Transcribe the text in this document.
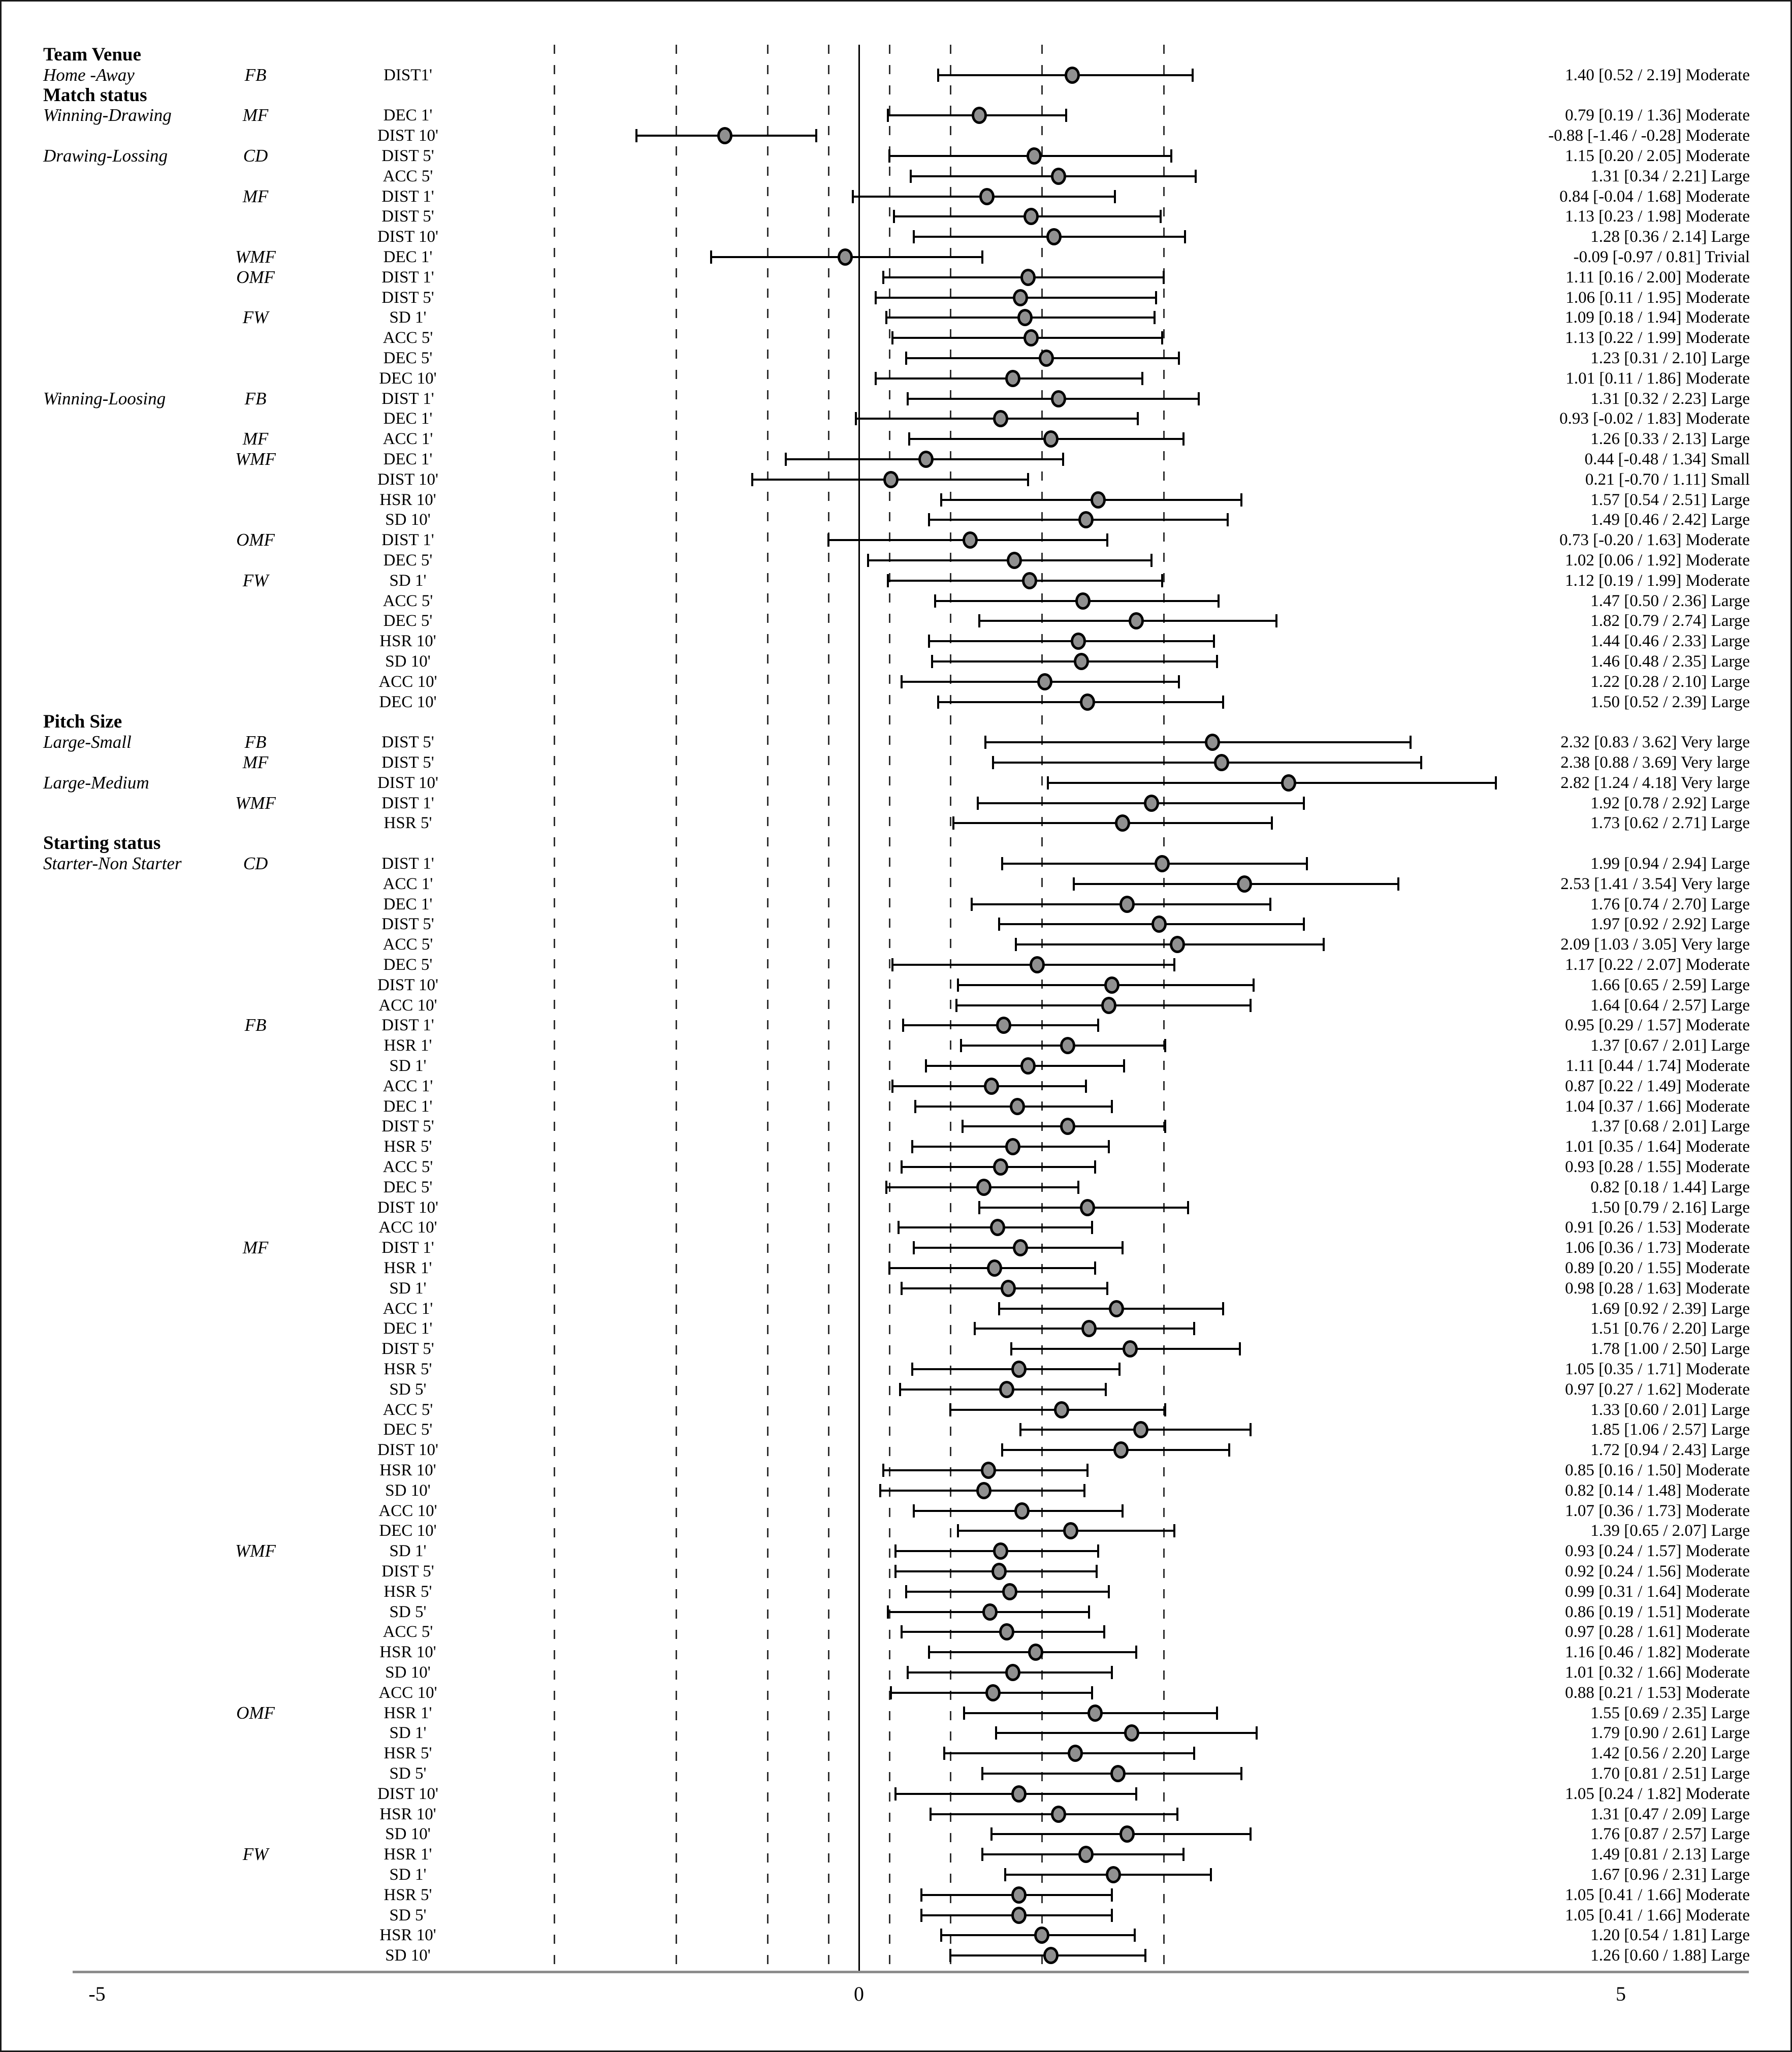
Team Venue
Home -Away	FB	DIST1'	1.40 [0.52 / 2.19] Moderate
Match status
Winning-Drawing	MF	DEC 1'	0.79 [0.19 / 1.36] Moderate
DIST 10'	-0.88 [-1.46 / -0.28] Moderate
Drawing-Lossing	CD	DIST 5'	1.15 [0.20 / 2.05] Moderate
ACC 5'	1.31 [0.34 / 2.21] Large
MF	DIST 1'	0.84 [-0.04 / 1.68] Moderate
DIST 5'	1.13 [0.23 / 1.98] Moderate
DIST 10'	1.28 [0.36 / 2.14] Large
WMF	DEC 1'	-0.09 [-0.97 / 0.81] Trivial
OMF	DIST 1'	1.11 [0.16 / 2.00] Moderate
DIST 5'	1.06 [0.11 / 1.95] Moderate
FW	SD 1'	1.09 [0.18 / 1.94] Moderate
ACC 5'	1.13 [0.22 / 1.99] Moderate
DEC 5'	1.23 [0.31 / 2.10] Large
DEC 10'	1.01 [0.11 / 1.86] Moderate
Winning-Loosing	FB	DIST 1'	1.31 [0.32 / 2.23] Large
DEC 1'	0.93 [-0.02 / 1.83] Moderate
MF	ACC 1'	1.26 [0.33 / 2.13] Large
WMF	DEC 1'	0.44 [-0.48 / 1.34] Small
DIST 10'	0.21 [-0.70 / 1.11] Small
HSR 10'	1.57 [0.54 / 2.51] Large
SD 10'	1.49 [0.46 / 2.42] Large
OMF	DIST 1'	0.73 [-0.20 / 1.63] Moderate
DEC 5'	1.02 [0.06 / 1.92] Moderate
FW	SD 1'	1.12 [0.19 / 1.99] Moderate
ACC 5'	1.47 [0.50 / 2.36] Large
DEC 5'	1.82 [0.79 / 2.74] Large
HSR 10'	1.44 [0.46 / 2.33] Large
SD 10'	1.46 [0.48 / 2.35] Large
ACC 10'	1.22 [0.28 / 2.10] Large
DEC 10'	1.50 [0.52 / 2.39] Large
Pitch Size
Large-Small	FB	DIST 5'	2.32 [0.83 / 3.62] Very large
MF	DIST 5'	2.38 [0.88 / 3.69] Very large
Large-Medium	DIST 10'	2.82 [1.24 / 4.18] Very large
WMF	DIST 1'	1.92 [0.78 / 2.92] Large
HSR 5'	1.73 [0.62 / 2.71] Large
Starting status
Starter-Non Starter	CD	DIST 1'	1.99 [0.94 / 2.94] Large
ACC 1'	2.53 [1.41 / 3.54] Very large
DEC 1'	1.76 [0.74 / 2.70] Large
DIST 5'	1.97 [0.92 / 2.92] Large
ACC 5'	2.09 [1.03 / 3.05] Very large
DEC 5'	1.17 [0.22 / 2.07] Moderate
DIST 10'	1.66 [0.65 / 2.59] Large
ACC 10'	1.64 [0.64 / 2.57] Large
FB	DIST 1'	0.95 [0.29 / 1.57] Moderate
HSR 1'	1.37 [0.67 / 2.01] Large
SD 1'	1.11 [0.44 / 1.74] Moderate
ACC 1'	0.87 [0.22 / 1.49] Moderate
DEC 1'	1.04 [0.37 / 1.66] Moderate
DIST 5'	1.37 [0.68 / 2.01] Large
HSR 5'	1.01 [0.35 / 1.64] Moderate
ACC 5'	0.93 [0.28 / 1.55] Moderate
DEC 5'	0.82 [0.18 / 1.44] Large
DIST 10'	1.50 [0.79 / 2.16] Large
ACC 10'	0.91 [0.26 / 1.53] Moderate
MF	DIST 1'	1.06 [0.36 / 1.73] Moderate
HSR 1'	0.89 [0.20 / 1.55] Moderate
SD 1'	0.98 [0.28 / 1.63] Moderate
ACC 1'	1.69 [0.92 / 2.39] Large
DEC 1'	1.51 [0.76 / 2.20] Large
DIST 5'	1.78 [1.00 / 2.50] Large
HSR 5'	1.05 [0.35 / 1.71] Moderate
SD 5'	0.97 [0.27 / 1.62] Moderate
ACC 5'	1.33 [0.60 / 2.01] Large
DEC 5'	1.85 [1.06 / 2.57] Large
DIST 10'	1.72 [0.94 / 2.43] Large
HSR 10'	0.85 [0.16 / 1.50] Moderate
SD 10'	0.82 [0.14 / 1.48] Moderate
ACC 10'	1.07 [0.36 / 1.73] Moderate
DEC 10'	1.39 [0.65 / 2.07] Large
WMF	SD 1'	0.93 [0.24 / 1.57] Moderate
DIST 5'	0.92 [0.24 / 1.56] Moderate
HSR 5'	0.99 [0.31 / 1.64] Moderate
SD 5'	0.86 [0.19 / 1.51] Moderate
ACC 5'	0.97 [0.28 / 1.61] Moderate
HSR 10'	1.16 [0.46 / 1.82] Moderate
SD 10'	1.01 [0.32 / 1.66] Moderate
ACC 10'	0.88 [0.21 / 1.53] Moderate
OMF	HSR 1'	1.55 [0.69 / 2.35] Large
SD 1'	1.79 [0.90 / 2.61] Large
HSR 5'	1.42 [0.56 / 2.20] Large
SD 5'	1.70 [0.81 / 2.51] Large
DIST 10'	1.05 [0.24 / 1.82] Moderate
HSR 10'	1.31 [0.47 / 2.09] Large
SD 10'	1.76 [0.87 / 2.57] Large
FW	HSR 1'	1.49 [0.81 / 2.13] Large
SD 1'	1.67 [0.96 / 2.31] Large
HSR 5'	1.05 [0.41 / 1.66] Moderate
SD 5'	1.05 [0.41 / 1.66] Moderate
HSR 10'	1.20 [0.54 / 1.81] Large
SD 10'	1.26 [0.60 / 1.88] Large
-5	0	5
